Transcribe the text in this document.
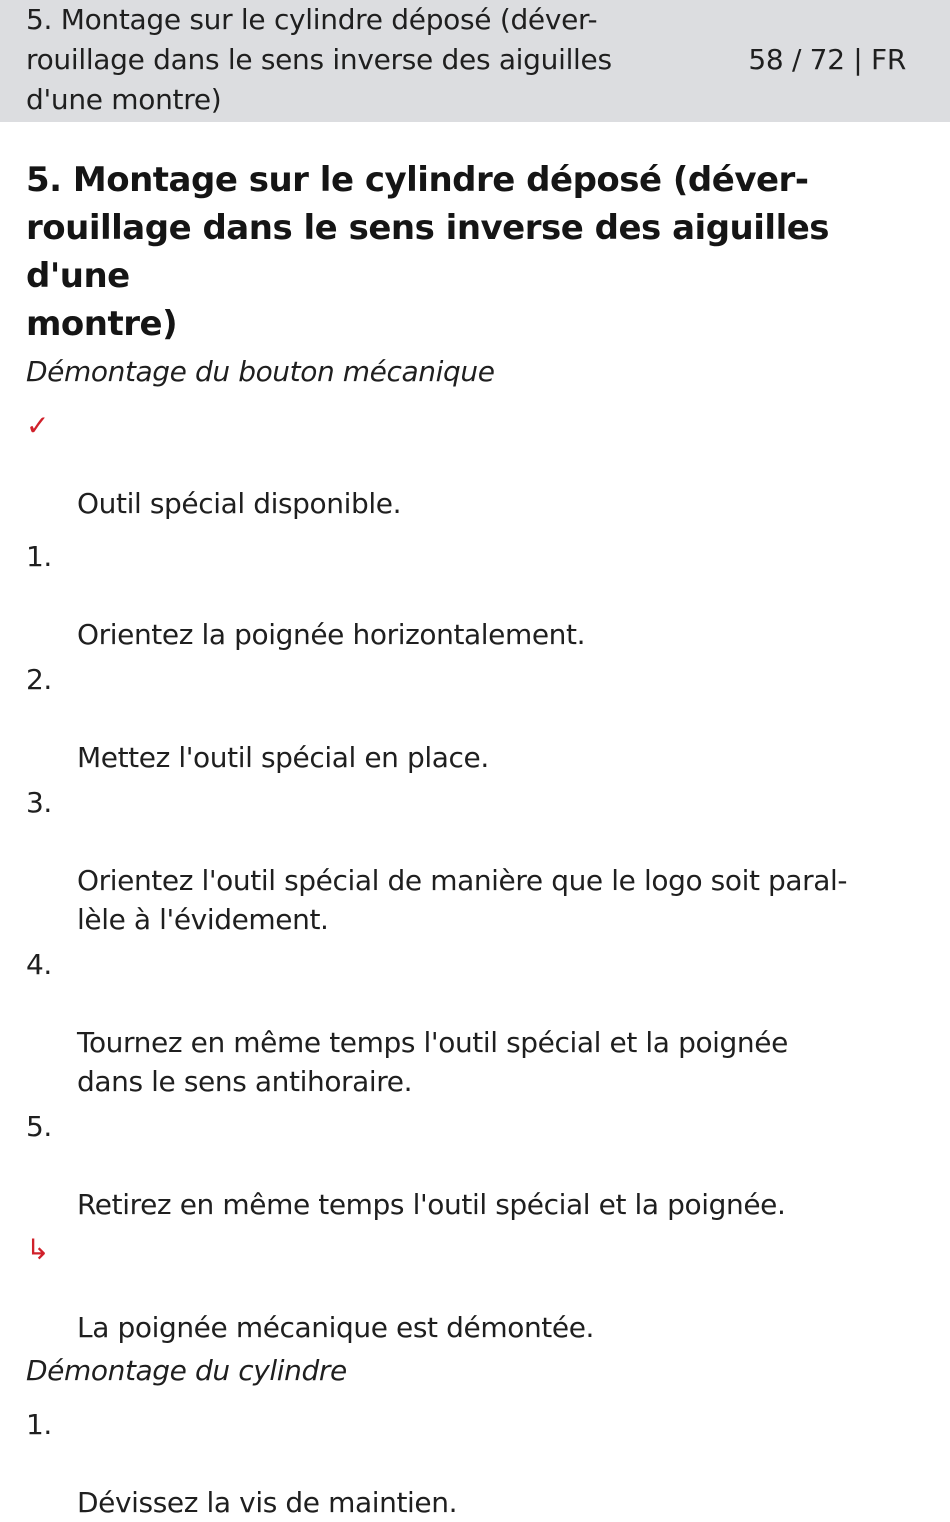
5. Montage sur le cylindre déposé (déver-
rouillage dans le sens inverse des aiguilles
d'une montre)
58 / 72 | FR
5. Montage sur le cylindre déposé (déver-
rouillage dans le sens inverse des aiguilles d'une
montre)
Démontage du bouton mécanique

✓

Outil spécial disponible.

1.

Orientez la poignée horizontalement.

2.

Mettez l'outil spécial en place.

3.

Orientez l'outil spécial de manière que le logo soit paral-
lèle à l'évidement.

4.

Tournez en même temps l'outil spécial et la poignée
dans le sens antihoraire.

5.

Retirez en même temps l'outil spécial et la poignée.

↳

La poignée mécanique est démontée.

Démontage du cylindre

1.

Dévissez la vis de maintien.
